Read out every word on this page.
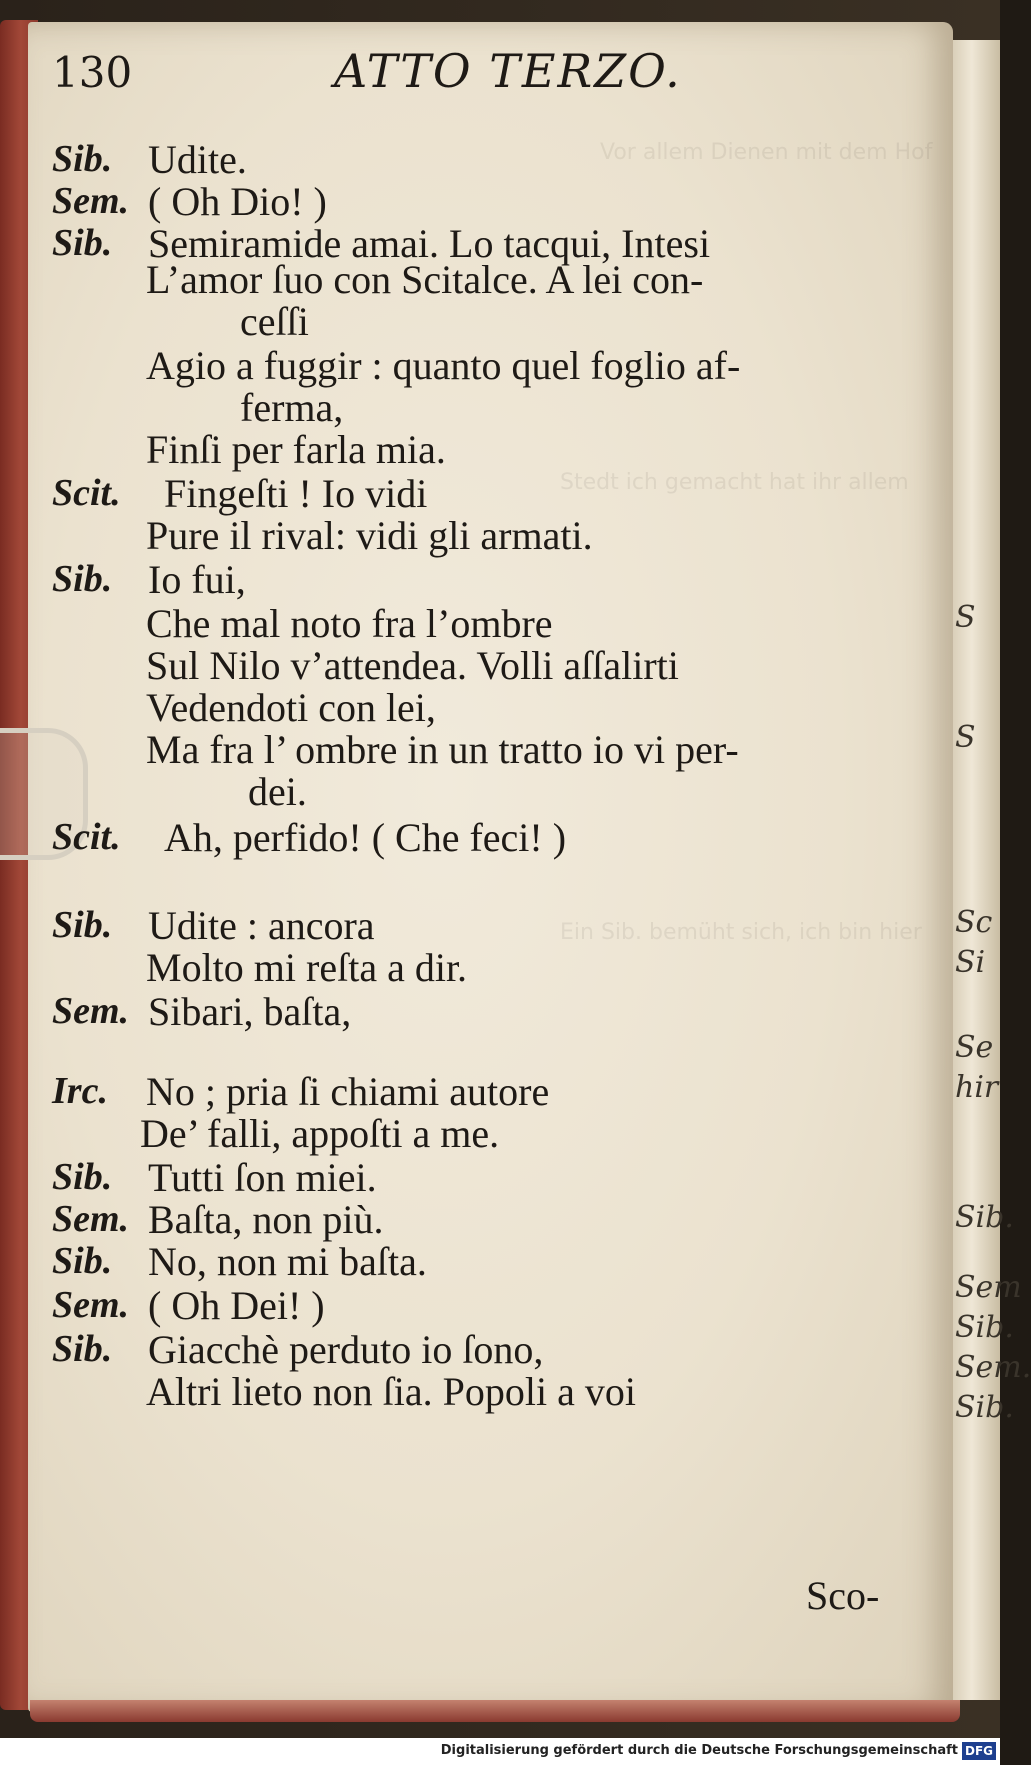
Vor allem Dienen mit dem Hof
Stedt ich gemacht hat ihr allem
Ein Sib. bemüht sich, ich bin hier
S
S
Sc
Si
Se
hir
Sib.
Sem
Sib.
Sem.
Sib.
130	ATTO TERZO.
Sib. Udite.
Sem. ( Oh Dio! )
Sib. Semiramide amai. Lo tacqui, Intesi
L’amor ſuo con Scitalce. A lei con-
ceſſi
Agio a fuggir : quanto quel foglio af-
ferma,
Finſi per farla mia.
Scit. Fingeſti ! Io vidi
Pure il rival: vidi gli armati.
Sib. Io fui,
Che mal noto fra l’ombre
Sul Nilo v’attendea. Volli aſſalirti
Vedendoti con lei,
Ma fra l’ ombre in un tratto io vi per-
dei.
Scit. Ah, perfido! ( Che feci! )
Sib. Udite : ancora
Molto mi reſta a dir.
Sem. Sibari, baſta,
Irc. No ; pria ſi chiami autore
De’ falli, appoſti a me.
Sib. Tutti ſon miei.
Sem. Baſta, non più.
Sib. No, non mi baſta.
Sem. ( Oh Dei! )
Sib. Giacchè perduto io ſono,
Altri lieto non ſia. Popoli a voi
Sco-
Digitalisierung gefördert durch die Deutsche Forschungsgemeinschaft DFG
